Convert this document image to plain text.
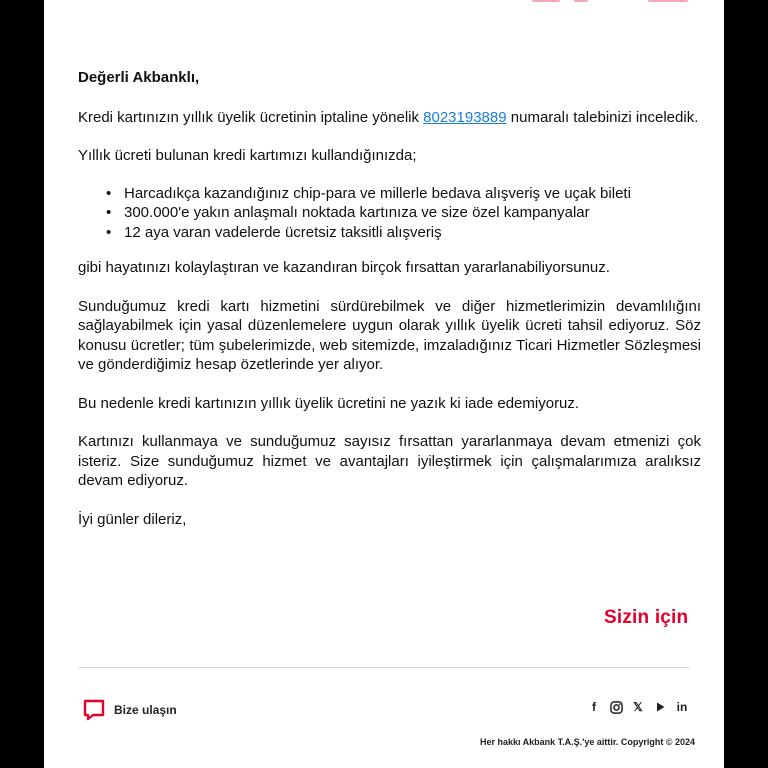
Değerli Akbanklı,

Kredi kartınızın yıllık üyelik ücretinin iptaline yönelik 8023193889 numaralı talebinizi inceledik.

Yıllık ücreti bulunan kredi kartımızı kullandığınızda;

• Harcadıkça kazandığınız chip-para ve millerle bedava alışveriş ve uçak bileti
• 300.000'e yakın anlaşmalı noktada kartınıza ve size özel kampanyalar
• 12 aya varan vadelerde ücretsiz taksitli alışveriş

gibi hayatınızı kolaylaştıran ve kazandıran birçok fırsattan yararlanabiliyorsunuz.

Sunduğumuz kredi kartı hizmetini sürdürebilmek ve diğer hizmetlerimizin devamlılığını sağlayabilmek için yasal düzenlemelere uygun olarak yıllık üyelik ücreti tahsil ediyoruz. Söz konusu ücretler; tüm şubelerimizde, web sitemizde, imzaladığınız Ticari Hizmetler Sözleşmesi ve gönderdiğimiz hesap özetlerinde yer alıyor.

Bu nedenle kredi kartınızın yıllık üyelik ücretini ne yazık ki iade edemiyoruz.

Kartınızı kullanmaya ve sunduğumuz sayısız fırsattan yararlanmaya devam etmenizi çok isteriz. Size sunduğumuz hizmet ve avantajları iyileştirmek için çalışmalarımıza aralıksız devam ediyoruz.

İyi günler dileriz,

Sizin için
Bize ulaşın	f	𝕏	in
Her hakkı Akbank T.A.Ş.'ye aittir. Copyright © 2024
